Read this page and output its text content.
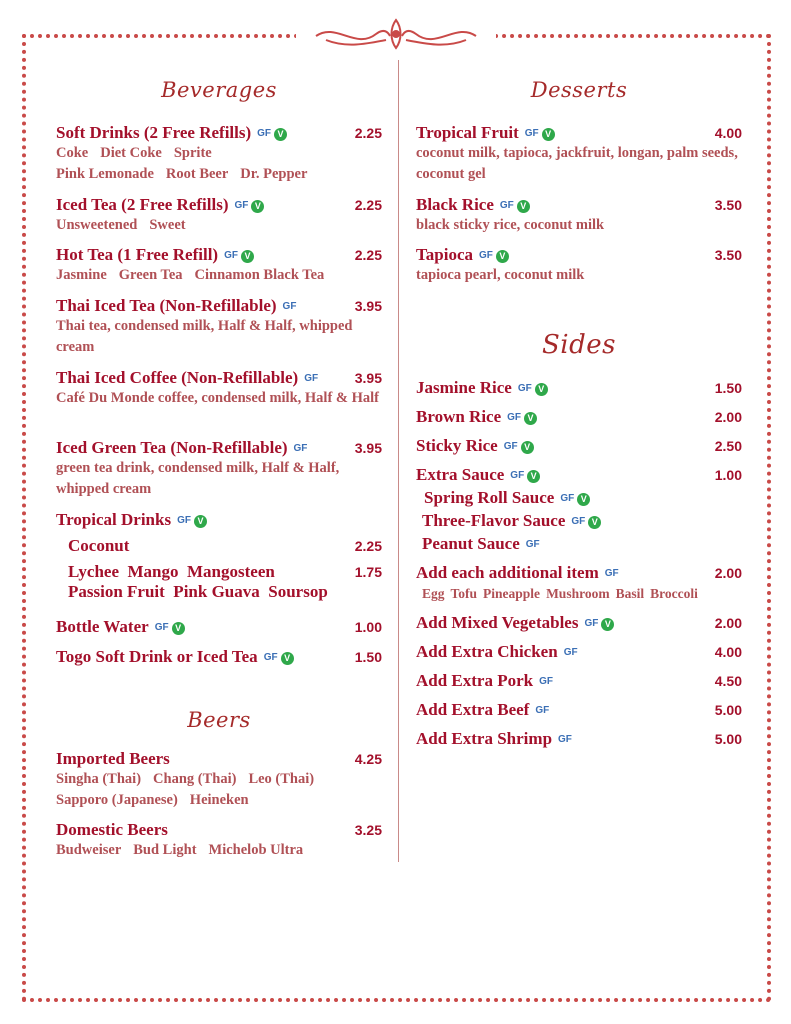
Beverages
Soft Drinks (2 Free Refills) GF V	2.25
Coke Diet Coke Sprite
Pink Lemonade Root Beer Dr. Pepper
Iced Tea (2 Free Refills) GF V	2.25
Unsweetened Sweet
Hot Tea (1 Free Refill) GF V	2.25
Jasmine Green Tea Cinnamon Black Tea
Thai Iced Tea (Non-Refillable) GF	3.95
Thai tea, condensed milk, Half & Half, whipped cream
Thai Iced Coffee (Non-Refillable) GF	3.95
Café Du Monde coffee, condensed milk, Half & Half
Iced Green Tea (Non-Refillable) GF	3.95
green tea drink, condensed milk, Half & Half, whipped cream
Tropical Drinks GF V
Coconut	2.25
Lychee  Mango  Mangosteen	1.75
Passion Fruit  Pink Guava  Soursop
Bottle Water GF V	1.00
Togo Soft Drink or Iced Tea GF V	1.50
Beers
Imported Beers	4.25
Singha (Thai) Chang (Thai) Leo (Thai)
Sapporo (Japanese) Heineken
Domestic Beers	3.25
Budweiser Bud Light Michelob Ultra
Desserts
Tropical Fruit GF V	4.00
coconut milk, tapioca, jackfruit, longan, palm seeds, coconut gel
Black Rice GF V	3.50
black sticky rice, coconut milk
Tapioca GF V	3.50
tapioca pearl, coconut milk
Sides
Jasmine Rice GF V	1.50
Brown Rice GF V	2.00
Sticky Rice GF V	2.50
Extra Sauce GF V	1.00
Spring Roll Sauce GF V
Three-Flavor Sauce GF V
Peanut Sauce GF
Add each additional item GF	2.00
Egg Tofu Pineapple Mushroom Basil Broccoli
Add Mixed Vegetables GF V	2.00
Add Extra Chicken GF	4.00
Add Extra Pork GF	4.50
Add Extra Beef GF	5.00
Add Extra Shrimp GF	5.00
